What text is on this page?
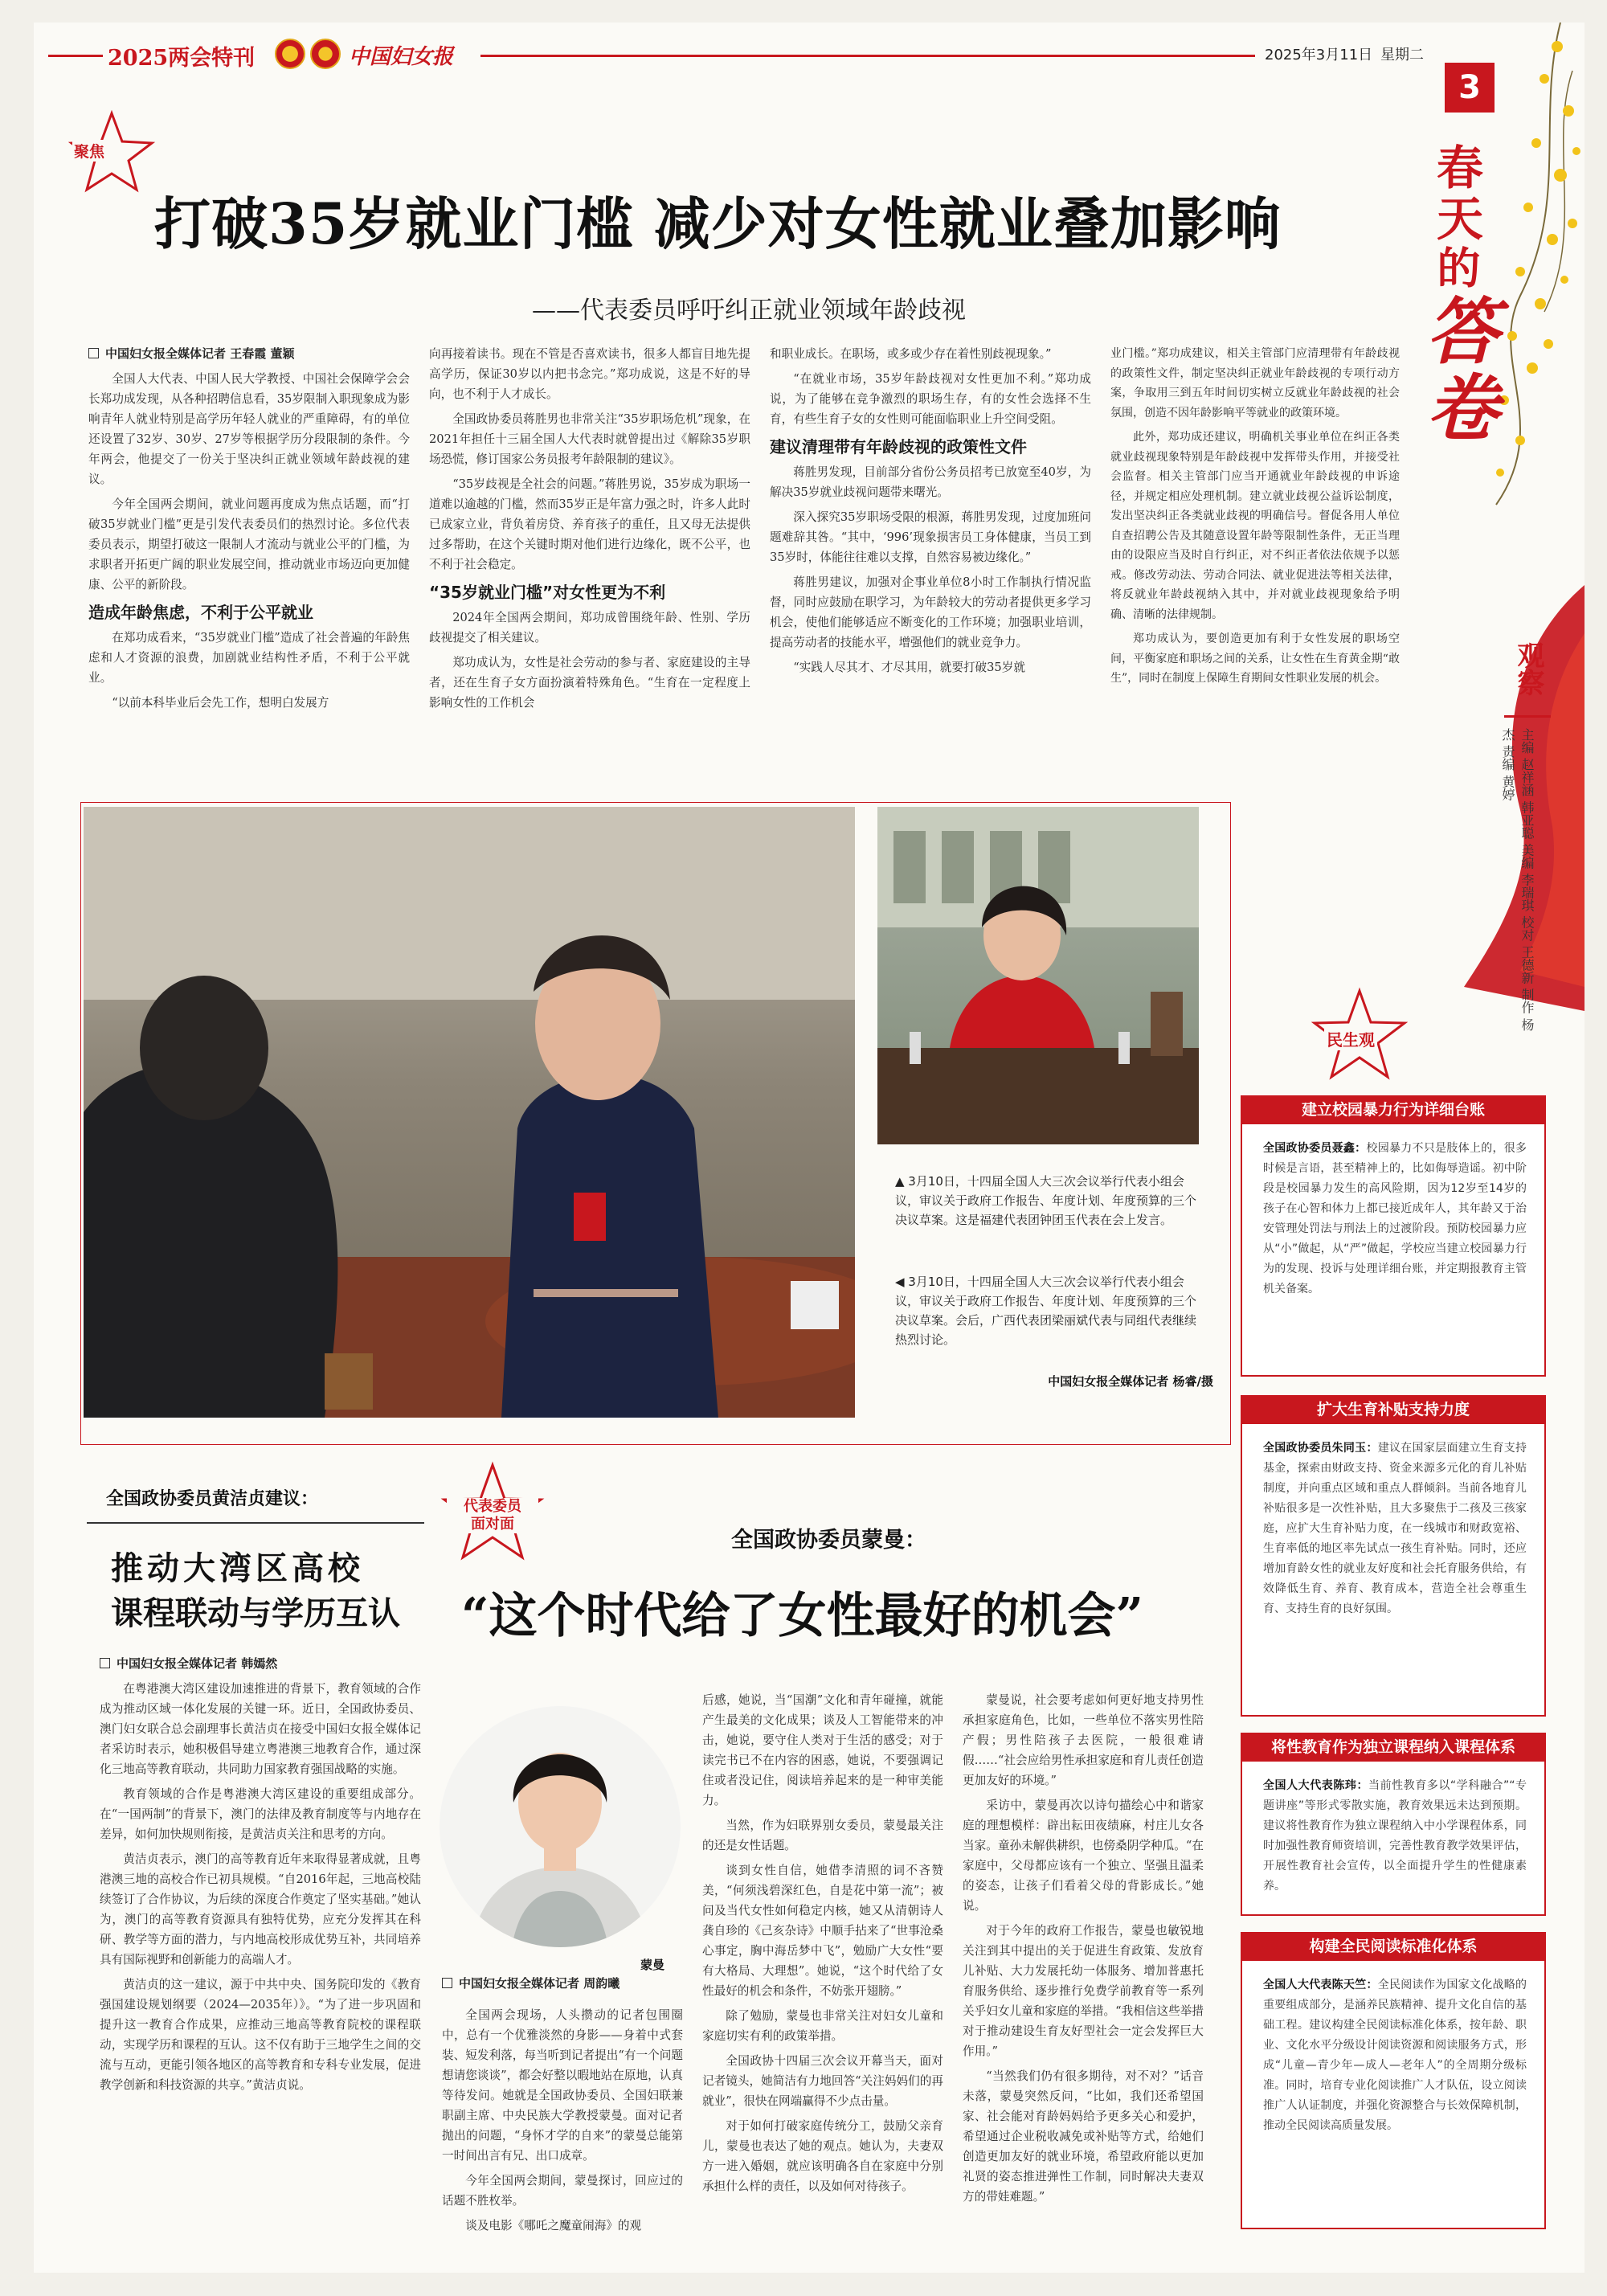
2025两会特刊	中国妇女报	2025年3月11日 星期二
3
春 天 的 答 卷
观察
主编 赵祥涵 韩亚聪 美编 李瑞琪 校对 王德新 制作 杨杰 责编 黄婷
聚焦
打破35岁就业门槛 减少对女性就业叠加影响
——代表委员呼吁纠正就业领域年龄歧视

中国妇女报全媒体记者 王春霞 董颖

全国人大代表、中国人民大学教授、中国社会保障学会会长郑功成发现，从各种招聘信息看，35岁限制入职现象成为影响青年人就业特别是高学历年轻人就业的严重障碍，有的单位还设置了32岁、30岁、27岁等根据学历分段限制的条件。今年两会，他提交了一份关于坚决纠正就业领域年龄歧视的建议。

今年全国两会期间，就业问题再度成为焦点话题，而“打破35岁就业门槛”更是引发代表委员们的热烈讨论。多位代表委员表示，期望打破这一限制人才流动与就业公平的门槛，为求职者开拓更广阔的职业发展空间，推动就业市场迈向更加健康、公平的新阶段。

造成年龄焦虑，不利于公平就业

在郑功成看来，“35岁就业门槛”造成了社会普遍的年龄焦虑和人才资源的浪费，加剧就业结构性矛盾，不利于公平就业。

“以前本科毕业后会先工作，想明白发展方

向再接着读书。现在不管是否喜欢读书，很多人都盲目地先提高学历，保证30岁以内把书念完。”郑功成说，这是不好的导向，也不利于人才成长。

全国政协委员蒋胜男也非常关注“35岁职场危机”现象，在2021年担任十三届全国人大代表时就曾提出过《解除35岁职场恐慌，修订国家公务员报考年龄限制的建议》。

“35岁歧视是全社会的问题。”蒋胜男说，35岁成为职场一道难以逾越的门槛，然而35岁正是年富力强之时，许多人此时已成家立业，背负着房贷、养育孩子的重任，且又母无法提供过多帮助，在这个关键时期对他们进行边缘化，既不公平，也不利于社会稳定。

“35岁就业门槛”对女性更为不利

2024年全国两会期间，郑功成曾围绕年龄、性别、学历歧视提交了相关建议。

郑功成认为，女性是社会劳动的参与者、家庭建设的主导者，还在生育子女方面扮演着特殊角色。“生育在一定程度上影响女性的工作机会

和职业成长。在职场，或多或少存在着性别歧视现象。”

“在就业市场，35岁年龄歧视对女性更加不利。”郑功成说，为了能够在竞争激烈的职场生存，有的女性会选择不生育，有些生育子女的女性则可能面临职业上升空间受阻。

建议清理带有年龄歧视的政策性文件

蒋胜男发现，目前部分省份公务员招考已放宽至40岁，为解决35岁就业歧视问题带来曙光。

深入探究35岁职场受限的根源，蒋胜男发现，过度加班问题难辞其咎。“其中，‘996’现象损害员工身体健康，当员工到35岁时，体能往往难以支撑，自然容易被边缘化。”

蒋胜男建议，加强对企事业单位8小时工作制执行情况监督，同时应鼓励在职学习，为年龄较大的劳动者提供更多学习机会，使他们能够适应不断变化的工作环境；加强职业培训，提高劳动者的技能水平，增强他们的就业竞争力。

“实践人尽其才、才尽其用，就要打破35岁就

业门槛。”郑功成建议，相关主管部门应清理带有年龄歧视的政策性文件，制定坚决纠正就业年龄歧视的专项行动方案，争取用三到五年时间切实树立反就业年龄歧视的社会氛围，创造不因年龄影响平等就业的政策环境。

此外，郑功成还建议，明确机关事业单位在纠正各类就业歧视现象特别是年龄歧视中发挥带头作用，并接受社会监督。相关主管部门应当开通就业年龄歧视的申诉途径，并规定相应处理机制。建立就业歧视公益诉讼制度，发出坚决纠正各类就业歧视的明确信号。督促各用人单位自查招聘公告及其随意设置年龄等限制性条件，无正当理由的设限应当及时自行纠正，对不纠正者依法依规予以惩戒。修改劳动法、劳动合同法、就业促进法等相关法律，将反就业年龄歧视纳入其中，并对就业歧视现象给予明确、清晰的法律规制。

郑功成认为，要创造更加有利于女性发展的职场空间，平衡家庭和职场之间的关系，让女性在生育黄金期“敢生”，同时在制度上保障生育期间女性职业发展的机会。

▲ 3月10日，十四届全国人大三次会议举行代表小组会议，审议关于政府工作报告、年度计划、年度预算的三个决议草案。这是福建代表团钟团玉代表在会上发言。
◀ 3月10日，十四届全国人大三次会议举行代表小组会议，审议关于政府工作报告、年度计划、年度预算的三个决议草案。会后，广西代表团梁丽斌代表与同组代表继续热烈讨论。
中国妇女报全媒体记者 杨睿/摄
全国政协委员黄洁贞建议：
推动大湾区高校
课程联动与学历互认

中国妇女报全媒体记者 韩嫣然

在粤港澳大湾区建设加速推进的背景下，教育领域的合作成为推动区域一体化发展的关键一环。近日，全国政协委员、澳门妇女联合总会副理事长黄洁贞在接受中国妇女报全媒体记者采访时表示，她积极倡导建立粤港澳三地教育合作，通过深化三地高等教育联动，共同助力国家教育强国战略的实施。

教育领域的合作是粤港澳大湾区建设的重要组成部分。在“一国两制”的背景下，澳门的法律及教育制度等与内地存在差异，如何加快规则衔接，是黄洁贞关注和思考的方向。

黄洁贞表示，澳门的高等教育近年来取得显著成就，且粤港澳三地的高校合作已初具规模。“自2016年起，三地高校陆续签订了合作协议，为后续的深度合作奠定了坚实基础。”她认为，澳门的高等教育资源具有独特优势，应充分发挥其在科研、教学等方面的潜力，与内地高校形成优势互补，共同培养具有国际视野和创新能力的高端人才。

黄洁贞的这一建议，源于中共中央、国务院印发的《教育强国建设规划纲要（2024—2035年）》。“为了进一步巩固和提升这一教育合作成果，应推动三地高等教育院校的课程联动，实现学历和课程的互认。这不仅有助于三地学生之间的交流与互动，更能引领各地区的高等教育和专科专业发展，促进教学创新和科技资源的共享。”黄洁贞说。

代表委员
面对面
全国政协委员蒙曼：
“这个时代给了女性最好的机会”
蒙曼

中国妇女报全媒体记者 周韵曦

全国两会现场，人头攒动的记者包围圈中，总有一个优雅淡然的身影——身着中式套装、短发利落，每当听到记者提出“有一个问题想请您谈谈”，都会好整以暇地站在原地，认真等待发问。她就是全国政协委员、全国妇联兼职副主席、中央民族大学教授蒙曼。面对记者抛出的问题，“身怀才学的自来”的蒙曼总能第一时间出言有兄、出口成章。

今年全国两会期间，蒙曼探讨，回应过的话题不胜枚举。

谈及电影《哪吒之魔童闹海》的观

后感，她说，当“国潮”文化和青年碰撞，就能产生最美的文化成果；谈及人工智能带来的冲击，她说，要守住人类对于生活的感受；对于读完书已不在内容的困惑，她说，不要强调记住或者没记住，阅读培养起来的是一种审美能力。

当然，作为妇联界别女委员，蒙曼最关注的还是女性话题。

谈到女性自信，她借李清照的词不吝赞美，“何须浅碧深红色，自是花中第一流”；被问及当代女性如何稳定内核，她又从清朝诗人龚自珍的《己亥杂诗》中顺手拈来了“世事沧桑心事定，胸中海岳梦中飞”，勉励广大女性“要有大格局、大理想”。她说，“这个时代给了女性最好的机会和条件，不妨张开翅膀。”

除了勉励，蒙曼也非常关注对妇女儿童和家庭切实有利的政策举措。

全国政协十四届三次会议开幕当天，面对记者镜头，她简洁有力地回答“关注妈妈们的再就业”，很快在网端赢得不少点击量。

对于如何打破家庭传统分工，鼓励父亲育儿，蒙曼也表达了她的观点。她认为，夫妻双方一进入婚姻，就应该明确各自在家庭中分别承担什么样的责任，以及如何对待孩子。

蒙曼说，社会要考虑如何更好地支持男性承担家庭角色，比如，一些单位不落实男性陪产假；男性陪孩子去医院，一般很难请假……“社会应给男性承担家庭和育儿责任创造更加友好的环境。”

采访中，蒙曼再次以诗句描绘心中和谐家庭的理想模样：辟出耘田夜绩麻，村庄儿女各当家。童孙未解供耕织，也傍桑阴学种瓜。“在家庭中，父母都应该有一个独立、坚强且温柔的姿态，让孩子们看着父母的背影成长。”她说。

对于今年的政府工作报告，蒙曼也敏锐地关注到其中提出的关于促进生育政策、发放育儿补贴、大力发展托幼一体服务、增加普惠托育服务供给、逐步推行免费学前教育等一系列关乎妇女儿童和家庭的举措。“我相信这些举措对于推动建设生育友好型社会一定会发挥巨大作用。”

“当然我们仍有很多期待，对不对？”话音未落，蒙曼突然反问，“比如，我们还希望国家、社会能对育龄妈妈给予更多关心和爱护，希望通过企业税收减免或补贴等方式，给她们创造更加友好的就业环境，希望政府能以更加礼贤的姿态推进弹性工作制，同时解决夫妻双方的带娃难题。”

民生观
建立校园暴力行为详细台账
全国政协委员聂鑫：校园暴力不只是肢体上的，很多时候是言语，甚至精神上的，比如侮辱造谣。初中阶段是校园暴力发生的高风险期，因为12岁至14岁的孩子在心智和体力上都已接近成年人，其年龄又于治安管理处罚法与刑法上的过渡阶段。预防校园暴力应从“小”做起，从“严”做起，学校应当建立校园暴力行为的发现、投诉与处理详细台账，并定期报教育主管机关备案。
扩大生育补贴支持力度
全国政协委员朱同玉：建议在国家层面建立生育支持基金，探索由财政支持、资金来源多元化的育儿补贴制度，并向重点区域和重点人群倾斜。当前各地育儿补贴很多是一次性补贴，且大多聚焦于二孩及三孩家庭，应扩大生育补贴力度，在一线城市和财政宽裕、生育率低的地区率先试点一孩生育补贴。同时，还应增加育龄女性的就业友好度和社会托育服务供给，有效降低生育、养育、教育成本，营造全社会尊重生育、支持生育的良好氛围。
将性教育作为独立课程纳入课程体系
全国人大代表陈玮：当前性教育多以“学科融合”“专题讲座”等形式零散实施，教育效果远未达到预期。建议将性教育作为独立课程纳入中小学课程体系，同时加强性教育师资培训，完善性教育教学效果评估，开展性教育社会宣传，以全面提升学生的性健康素养。
构建全民阅读标准化体系
全国人大代表陈天竺：全民阅读作为国家文化战略的重要组成部分，是涵养民族精神、提升文化自信的基础工程。建议构建全民阅读标准化体系，按年龄、职业、文化水平分级设计阅读资源和阅读服务方式，形成“儿童—青少年—成人—老年人”的全周期分级标准。同时，培育专业化阅读推广人才队伍，设立阅读推广人认证制度，并强化资源整合与长效保障机制，推动全民阅读高质量发展。
